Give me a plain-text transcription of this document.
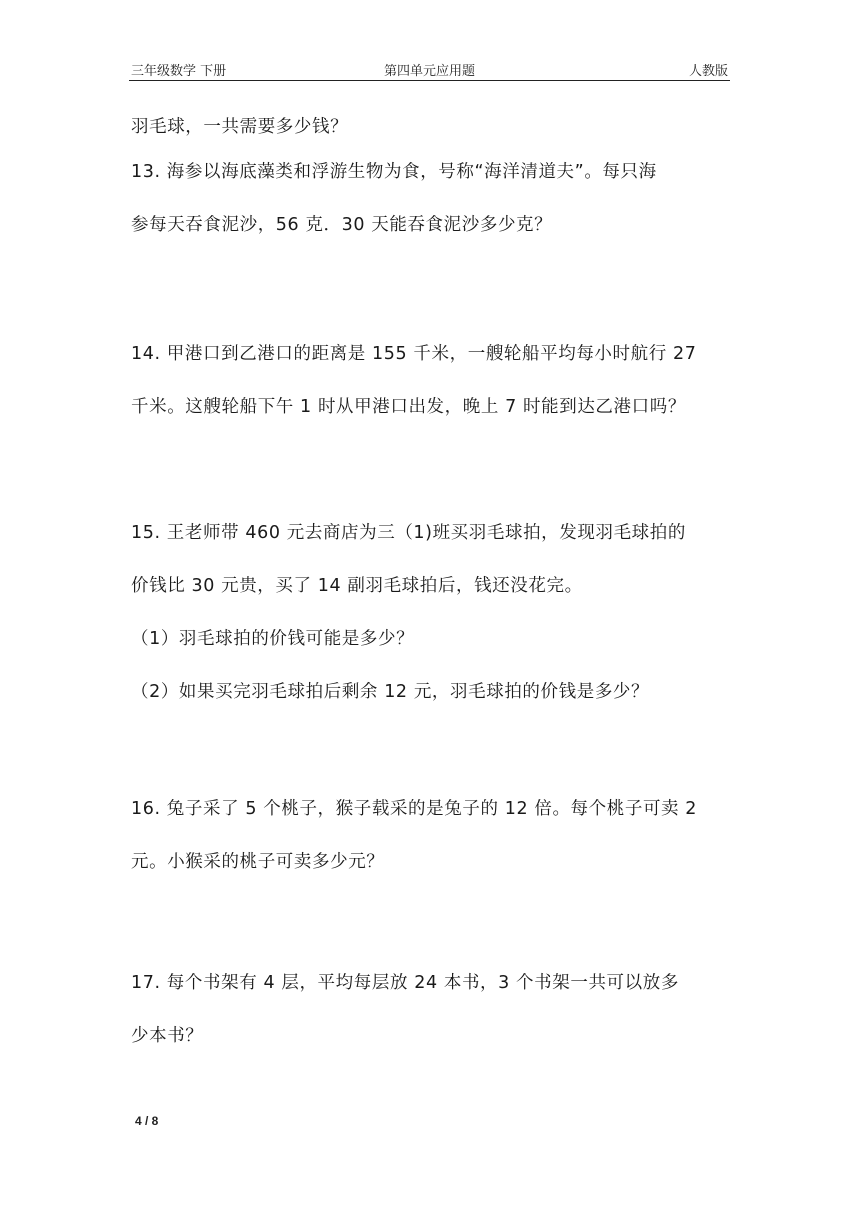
三年级数学 下册	第四单元应用题	人教版
羽毛球，一共需要多少钱？
13. 海参以海底藻类和浮游生物为食，号称“海洋清道夫”。每只海
参每天吞食泥沙，56 克．30 天能吞食泥沙多少克？
14. 甲港口到乙港口的距离是 155 千米，一艘轮船平均每小时航行 27
千米。这艘轮船下午 1 时从甲港口出发，晚上 7 时能到达乙港口吗？
15. 王老师带 460 元去商店为三（1)班买羽毛球拍，发现羽毛球拍的
价钱比 30 元贵，买了 14 副羽毛球拍后，钱还没花完。
（1）羽毛球拍的价钱可能是多少？
（2）如果买完羽毛球拍后剩余 12 元，羽毛球拍的价钱是多少？
16. 兔子采了 5 个桃子，猴子载采的是兔子的 12 倍。每个桃子可卖 2
元。小猴采的桃子可卖多少元？
17. 每个书架有 4 层，平均每层放 24 本书，3 个书架一共可以放多
少本书？
4 / 8
